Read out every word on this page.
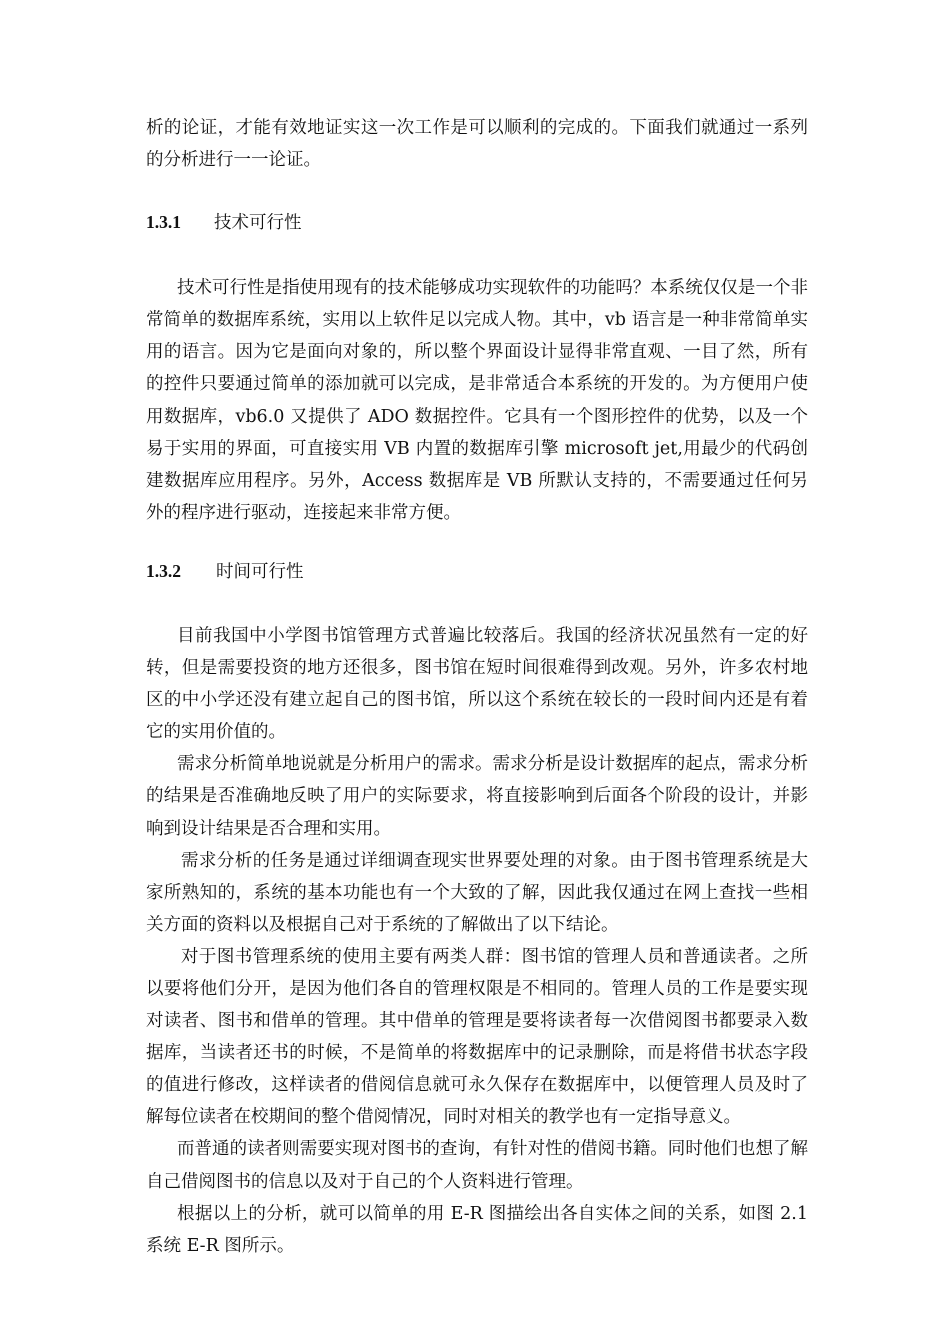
析的论证，才能有效地证实这一次工作是可以顺利的完成的。下面我们就通过一系列的分析进行一一论证。

1.3.1	技术可行性

技术可行性是指使用现有的技术能够成功实现软件的功能吗？本系统仅仅是一个非常简单的数据库系统，实用以上软件足以完成人物。其中，vb 语言是一种非常简单实用的语言。因为它是面向对象的，所以整个界面设计显得非常直观、一目了然，所有的控件只要通过简单的添加就可以完成，是非常适合本系统的开发的。为方便用户使用数据库，vb6.0 又提供了 ADO 数据控件。它具有一个图形控件的优势，以及一个易于实用的界面，可直接实用 VB 内置的数据库引擎 microsoft jet,用最少的代码创建数据库应用程序。另外，Access 数据库是 VB 所默认支持的，不需要通过任何另外的程序进行驱动，连接起来非常方便。

1.3.2	时间可行性

目前我国中小学图书馆管理方式普遍比较落后。我国的经济状况虽然有一定的好转，但是需要投资的地方还很多，图书馆在短时间很难得到改观。另外，许多农村地区的中小学还没有建立起自己的图书馆，所以这个系统在较长的一段时间内还是有着它的实用价值的。

需求分析简单地说就是分析用户的需求。需求分析是设计数据库的起点，需求分析的结果是否准确地反映了用户的实际要求，将直接影响到后面各个阶段的设计，并影响到设计结果是否合理和实用。

需求分析的任务是通过详细调查现实世界要处理的对象。由于图书管理系统是大家所熟知的，系统的基本功能也有一个大致的了解，因此我仅通过在网上查找一些相关方面的资料以及根据自己对于系统的了解做出了以下结论。

对于图书管理系统的使用主要有两类人群：图书馆的管理人员和普通读者。之所以要将他们分开，是因为他们各自的管理权限是不相同的。管理人员的工作是要实现对读者、图书和借单的管理。其中借单的管理是要将读者每一次借阅图书都要录入数据库，当读者还书的时候，不是简单的将数据库中的记录删除，而是将借书状态字段的值进行修改，这样读者的借阅信息就可永久保存在数据库中，以便管理人员及时了解每位读者在校期间的整个借阅情况，同时对相关的教学也有一定指导意义。

而普通的读者则需要实现对图书的查询，有针对性的借阅书籍。同时他们也想了解自己借阅图书的信息以及对于自己的个人资料进行管理。

根据以上的分析，就可以简单的用 E-R 图描绘出各自实体之间的关系，如图 2.1 系统 E-R 图所示。
